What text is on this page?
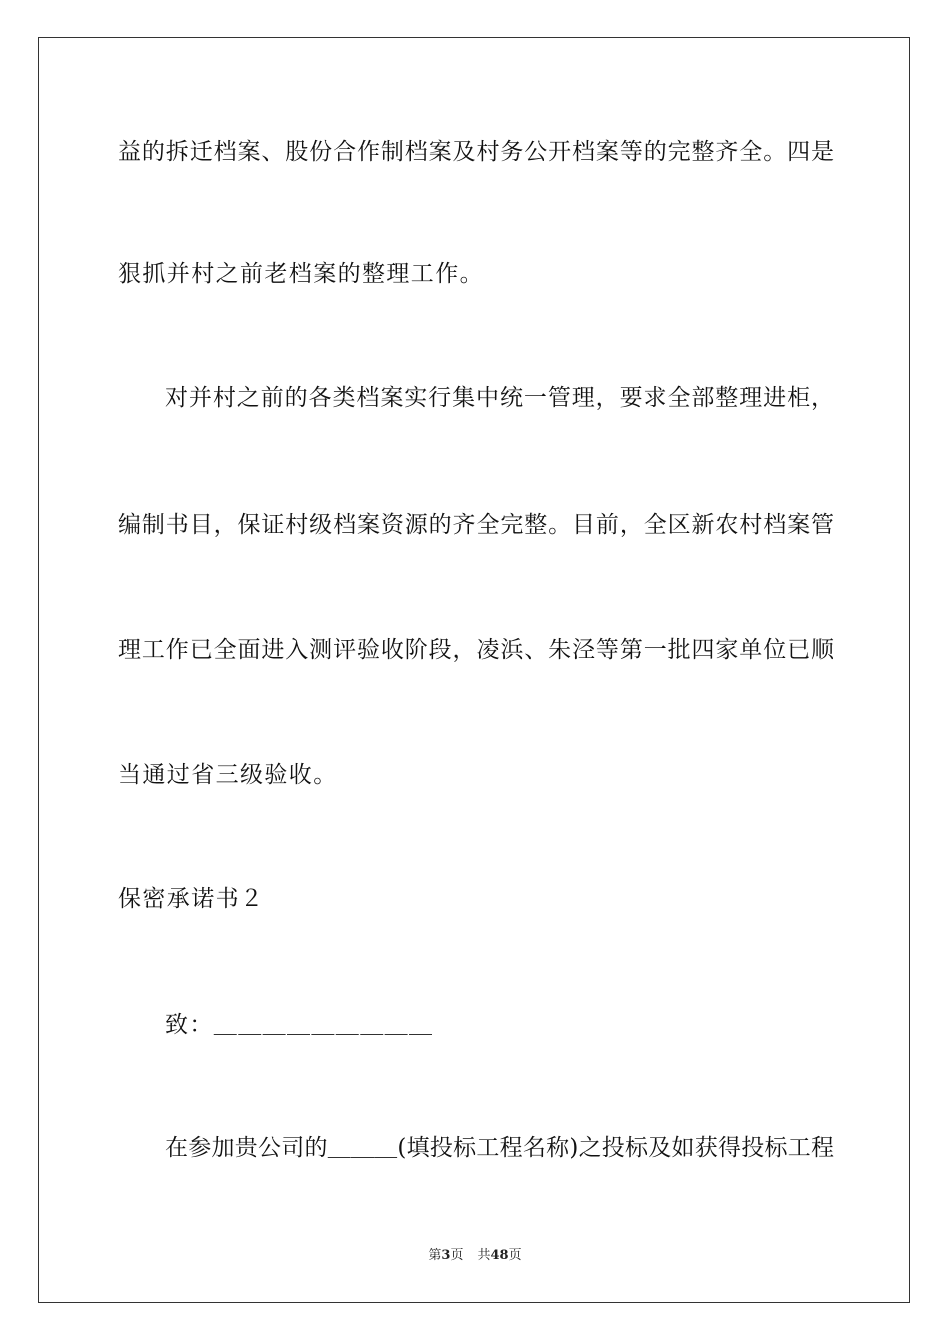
益的拆迁档案、股份合作制档案及村务公开档案等的完整齐全。四是
狠抓并村之前老档案的整理工作。
对并村之前的各类档案实行集中统一管理，要求全部整理进柜，
编制书目，保证村级档案资源的齐全完整。目前，全区新农村档案管
理工作已全面进入测评验收阶段，凌浜、朱泾等第一批四家单位已顺
当通过省三级验收。
保密承诺书２
致：＿＿＿＿＿＿＿＿＿
在参加贵公司的＿＿＿(填投标工程名称)之投标及如获得投标工程
第3页 共48页
